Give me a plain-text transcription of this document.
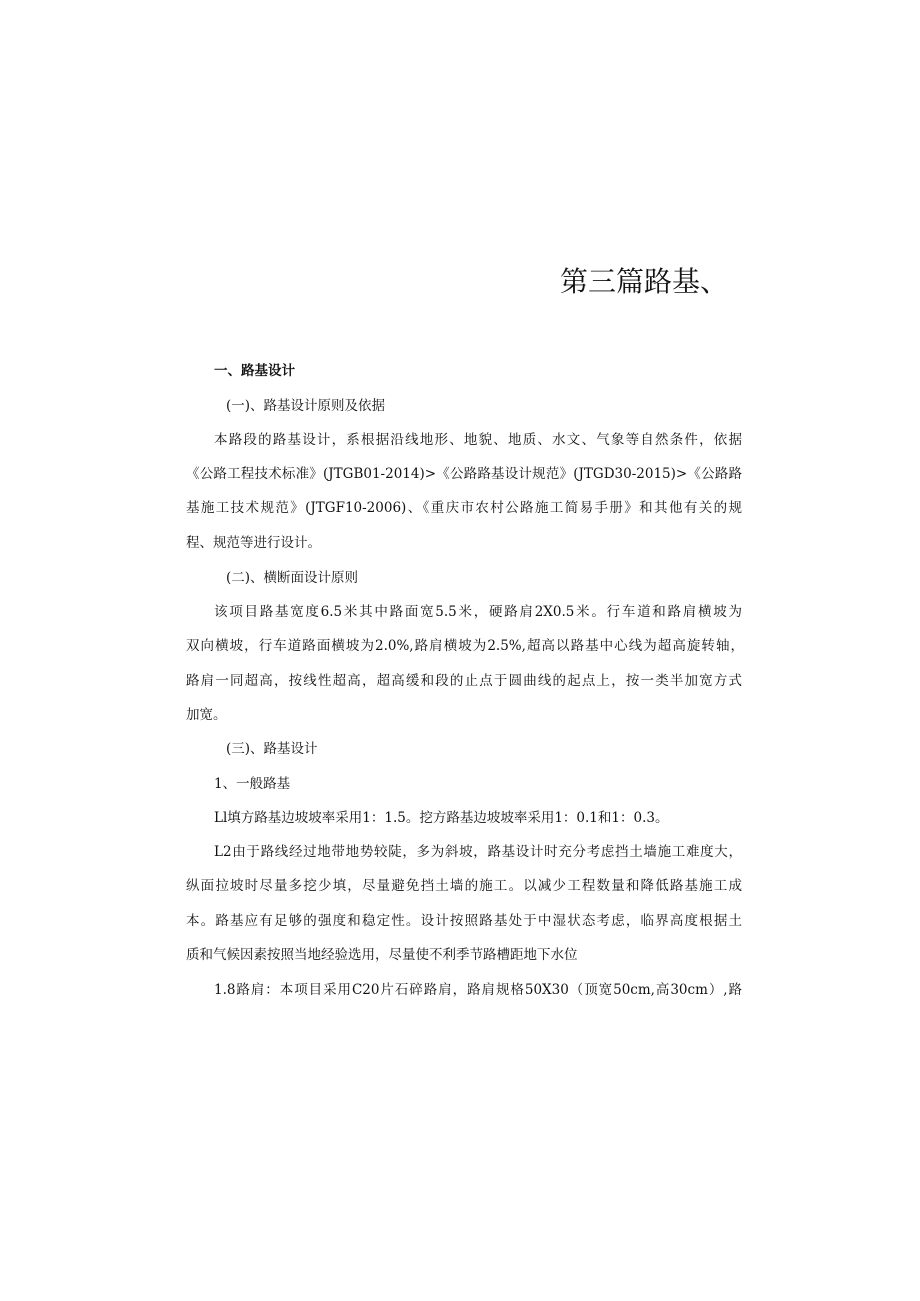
第三篇路基、
一、路基设计
(一)、路基设计原则及依据
本路段的路基设计，系根据沿线地形、地貌、地质、水文、气象等自然条件，依据
《公路工程技术标准》(JTGB01-2014)>《公路路基设计规范》(JTGD30-2015)>《公路路
基施工技术规范》(JTGF10-2006)、《重庆市农村公路施工简易手册》和其他有关的规
程、规范等进行设计。
(二)、横断面设计原则
该项目路基宽度6.5米其中路面宽5.5米，硬路肩2X0.5米。行车道和路肩横坡为
双向横坡，行车道路面横坡为2.0%,路肩横坡为2.5%,超高以路基中心线为超高旋转轴，
路肩一同超高，按线性超高，超高缓和段的止点于圆曲线的起点上，按一类半加宽方式
加宽。
(三)、路基设计
1、一般路基
Ll填方路基边坡坡率采用1：1.5。挖方路基边坡坡率采用1：0.1和1：0.3。
L2由于路线经过地带地势较陡，多为斜坡，路基设计时充分考虑挡土墙施工难度大，
纵面拉坡时尽量多挖少填，尽量避免挡土墙的施工。以减少工程数量和降低路基施工成
本。路基应有足够的强度和稳定性。设计按照路基处于中湿状态考虑，临界高度根据土
质和气候因素按照当地经验选用，尽量使不利季节路槽距地下水位
1.8路肩：本项目采用C20片石碎路肩，路肩规格50X30（顶宽50cm,高30cm）,路
